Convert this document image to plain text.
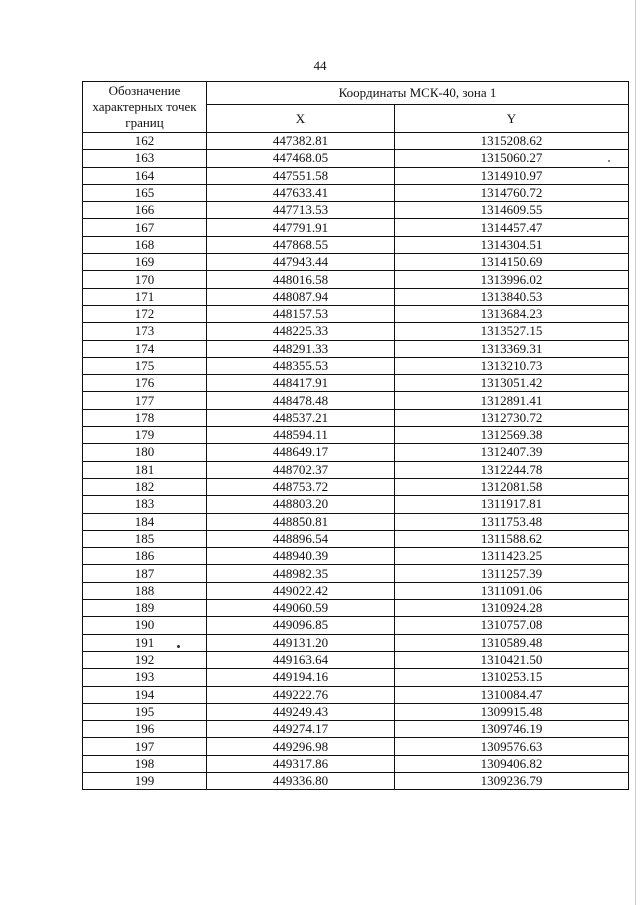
44
Обозначение характерных точек границ	Координаты МСК-40, зона 1	
	X	Y
162	447382.81	1315208.62
163	447468.05	1315060.27
164	447551.58	1314910.97
165	447633.41	1314760.72
166	447713.53	1314609.55
167	447791.91	1314457.47
168	447868.55	1314304.51
169	447943.44	1314150.69
170	448016.58	1313996.02
171	448087.94	1313840.53
172	448157.53	1313684.23
173	448225.33	1313527.15
174	448291.33	1313369.31
175	448355.53	1313210.73
176	448417.91	1313051.42
177	448478.48	1312891.41
178	448537.21	1312730.72
179	448594.11	1312569.38
180	448649.17	1312407.39
181	448702.37	1312244.78
182	448753.72	1312081.58
183	448803.20	1311917.81
184	448850.81	1311753.48
185	448896.54	1311588.62
186	448940.39	1311423.25
187	448982.35	1311257.39
188	449022.42	1311091.06
189	449060.59	1310924.28
190	449096.85	1310757.08
191	449131.20	1310589.48
192	449163.64	1310421.50
193	449194.16	1310253.15
194	449222.76	1310084.47
195	449249.43	1309915.48
196	449274.17	1309746.19
197	449296.98	1309576.63
198	449317.86	1309406.82
199	449336.80	1309236.79
